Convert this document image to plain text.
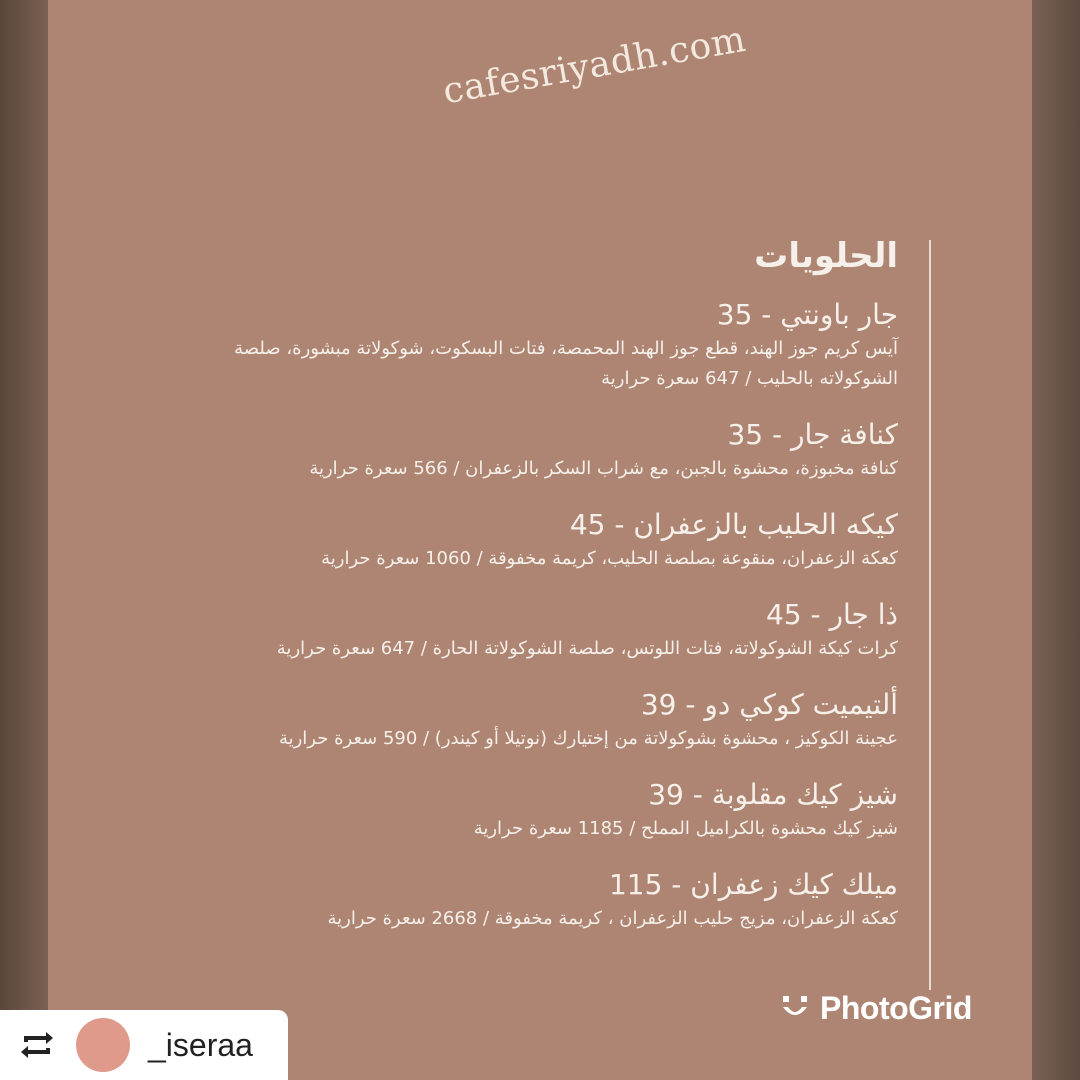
cafesriyadh.com
الحلويات
جار باونتي - 35
آيس كريم جوز الهند، قطع جوز الهند المحمصة، فتات البسكوت، شوكولاتة مبشورة، صلصة الشوكولاته بالحليب / 647 سعرة حرارية
كنافة جار - 35
كنافة مخبوزة، محشوة بالجبن، مع شراب السكر بالزعفران / 566 سعرة حرارية
كيكه الحليب بالزعفران - 45
كعكة الزعفران، منقوعة بصلصة الحليب، كريمة مخفوقة / 1060 سعرة حرارية
ذا جار - 45
كرات كيكة الشوكولاتة، فتات اللوتس، صلصة الشوكولاتة الحارة / 647 سعرة حرارية
ألتيميت كوكي دو - 39
عجينة الكوكيز ، محشوة بشوكولاتة من إختيارك (نوتيلا أو كيندر) / 590 سعرة حرارية
شيز كيك مقلوبة - 39
شيز كيك محشوة بالكراميل المملح / 1185 سعرة حرارية
ميلك كيك زعفران - 115
كعكة الزعفران، مزيج حليب الزعفران ، كريمة مخفوقة / 2668 سعرة حرارية
PhotoGrid
_iseraa
